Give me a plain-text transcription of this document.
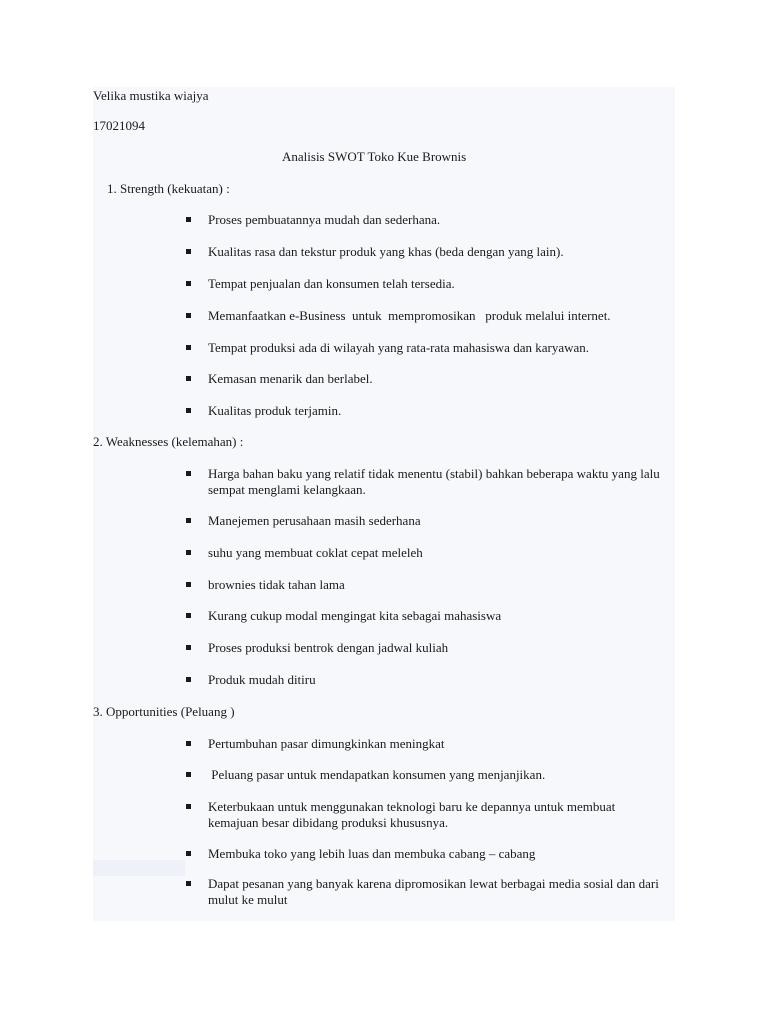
Velika mustika wiajya
17021094
Analisis SWOT Toko Kue Brownis
1. Strength (kekuatan) :
Proses pembuatannya mudah dan sederhana.
Kualitas rasa dan tekstur produk yang khas (beda dengan yang lain).
Tempat penjualan dan konsumen telah tersedia.
Memanfaatkan e-Business  untuk  mempromosikan   produk melalui internet.
Tempat produksi ada di wilayah yang rata-rata mahasiswa dan karyawan.
Kemasan menarik dan berlabel.
Kualitas produk terjamin.
2. Weaknesses (kelemahan) :
Harga bahan baku yang relatif tidak menentu (stabil) bahkan beberapa waktu yang lalu sempat menglami kelangkaan.
Manejemen perusahaan masih sederhana
suhu yang membuat coklat cepat meleleh
brownies tidak tahan lama
Kurang cukup modal mengingat kita sebagai mahasiswa
Proses produksi bentrok dengan jadwal kuliah
Produk mudah ditiru
3. Opportunities (Peluang )
Pertumbuhan pasar dimungkinkan meningkat
Peluang pasar untuk mendapatkan konsumen yang menjanjikan.
Keterbukaan untuk menggunakan teknologi baru ke depannya untuk membuat kemajuan besar dibidang produksi khususnya.
Membuka toko yang lebih luas dan membuka cabang – cabang
Dapat pesanan yang banyak karena dipromosikan lewat berbagai media sosial dan dari mulut ke mulut
